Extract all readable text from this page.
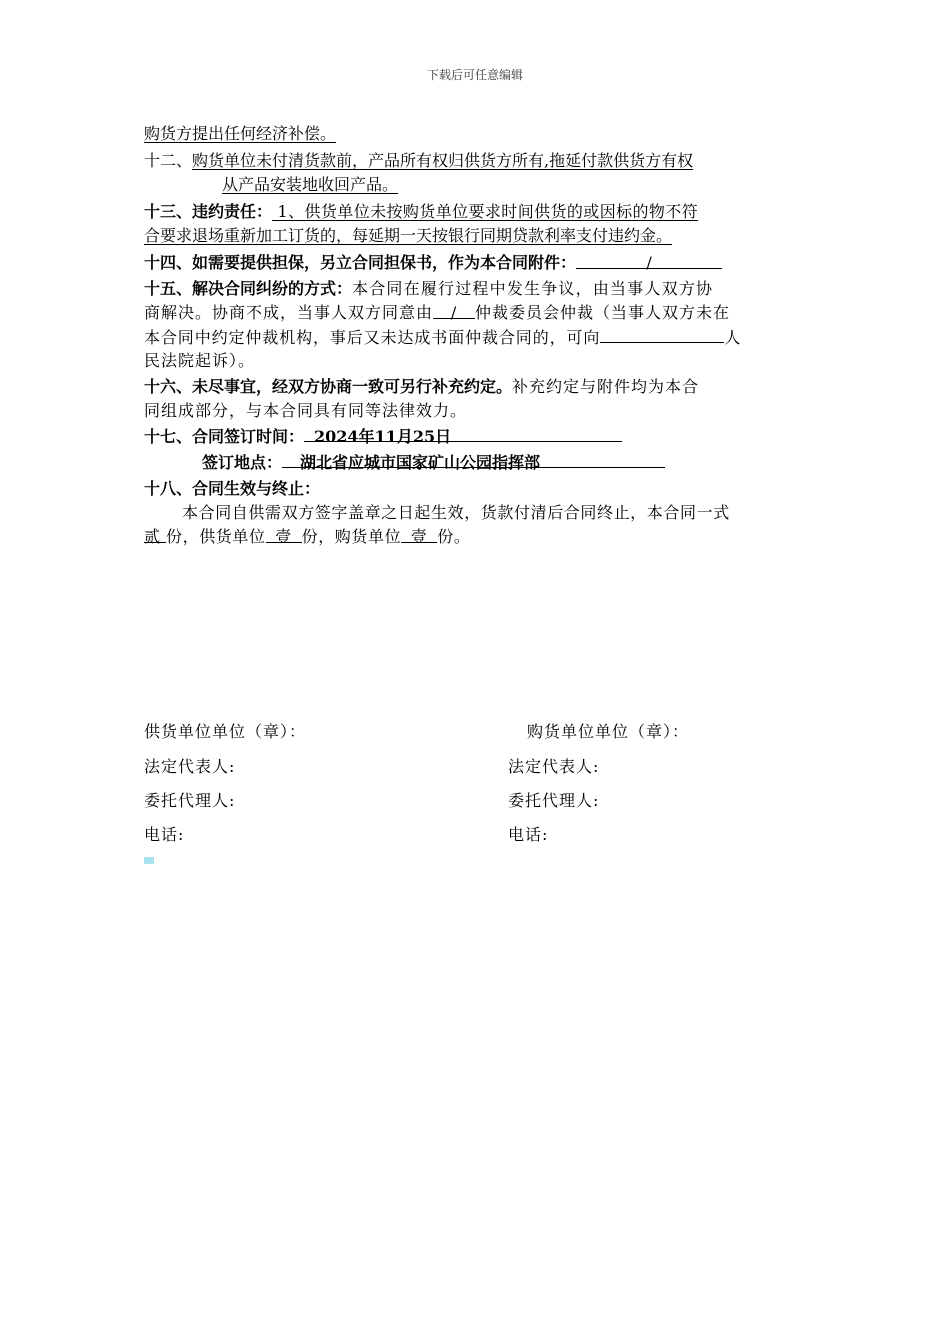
下载后可任意编辑
购货方提出任何经济补偿。
十二、购货单位未付清货款前，产品所有权归供货方所有,拖延付款供货方有权
从产品安装地收回产品。
十三、违约责任： 1、供货单位未按购货单位要求时间供货的或因标的物不符
合要求退场重新加工订货的，每延期一天按银行同期贷款利率支付违约金。
十四、如需要提供担保，另立合同担保书，作为本合同附件：	/
十五、解决合同纠纷的方式：本合同在履行过程中发生争议，由当事人双方协
商解决。协商不成，当事人双方同意由 / 仲裁委员会仲裁（当事人双方未在
本合同中约定仲裁机构，事后又未达成书面仲裁合同的，可向	人
民法院起诉）。
十六、未尽事宜，经双方协商一致可另行补充约定。补充约定与附件均为本合
同组成部分，与本合同具有同等法律效力。
十七、合同签订时间： 2024年11月25日
签订地点： 湖北省应城市国家矿山公园指挥部
十八、合同生效与终止：
本合同自供需双方签字盖章之日起生效，货款付清后合同终止，本合同一式
贰 份，供货单位 壹 份，购货单位 壹 份。
供货单位单位（章）：	购货单位单位（章）：
法定代表人:	法定代表人:
委托代理人:	委托代理人:
电话:	电话:
